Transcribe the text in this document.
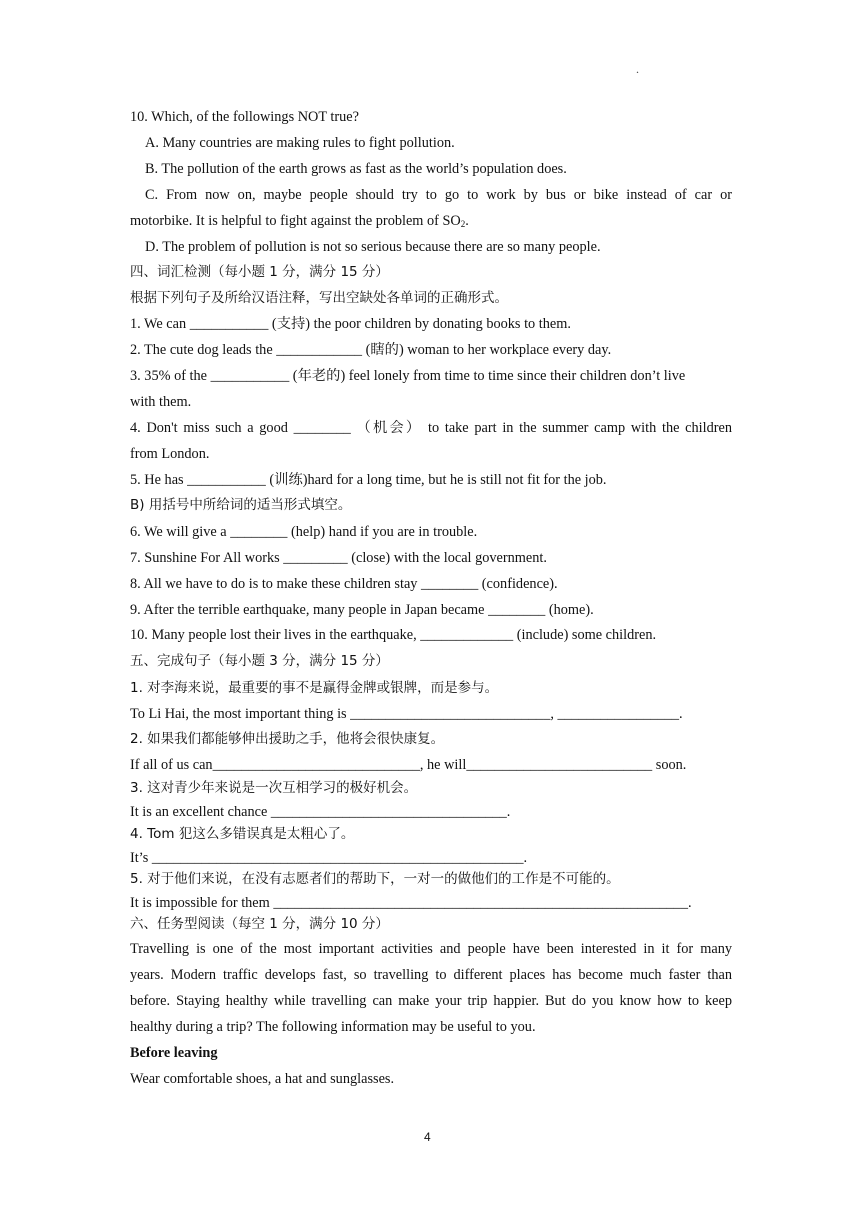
.
10. Which, of the followings NOT true?
A. Many countries are making rules to fight pollution.
B. The pollution of the earth grows as fast as the world’s population does.
C. From now on, maybe people should try to go to work by bus or bike instead of car or
motorbike. It is helpful to fight against the problem of $SO_2$.
D. The problem of pollution is not so serious because there are so many people.
四、词汇检测（每小题 1 分，满分 15 分）
根据下列句子及所给汉语注释，写出空缺处各单词的正确形式。
1. We can ___________ (支持) the poor children by donating books to them.
2. The cute dog leads the ____________ (瞎的) woman to her workplace every day.
3. 35% of the ___________ (年老的) feel lonely from time to time since their children don’t live
with them.
4. Don't miss such a good ________ （机会） to take part in the summer camp with the children
from London.
5. He has ___________ (训练)hard for a long time, but he is still not fit for the job.
B) 用括号中所给词的适当形式填空。
6. We will give a ________ (help) hand if you are in trouble.
7. Sunshine For All works _________ (close) with the local government.
8. All we have to do is to make these children stay ________ (confidence).
9. After the terrible earthquake, many people in Japan became ________ (home).
10. Many people lost their lives in the earthquake, _____________ (include) some children.
五、完成句子（每小题 3 分，满分 15 分）
1. 对李海来说，最重要的事不是赢得金牌或银牌，而是参与。
To Li Hai, the most important thing is ____________________________, _________________.
2. 如果我们都能够伸出援助之手，他将会很快康复。
If all of us can_____________________________, he will__________________________ soon.
3. 这对青少年来说是一次互相学习的极好机会。
It is an excellent chance _________________________________.
4. Tom 犯这么多错误真是太粗心了。
It’s ____________________________________________________.
5. 对于他们来说，在没有志愿者们的帮助下，一对一的做他们的工作是不可能的。
It is impossible for them __________________________________________________________.
六、任务型阅读（每空 1 分，满分 10 分）
Travelling is one of the most important activities and people have been interested in it for many
years. Modern traffic develops fast, so travelling to different places has become much faster than
before. Staying healthy while travelling can make your trip happier. But do you know how to keep
healthy during a trip? The following information may be useful to you.
Before leaving
Wear comfortable shoes, a hat and sunglasses.
4
